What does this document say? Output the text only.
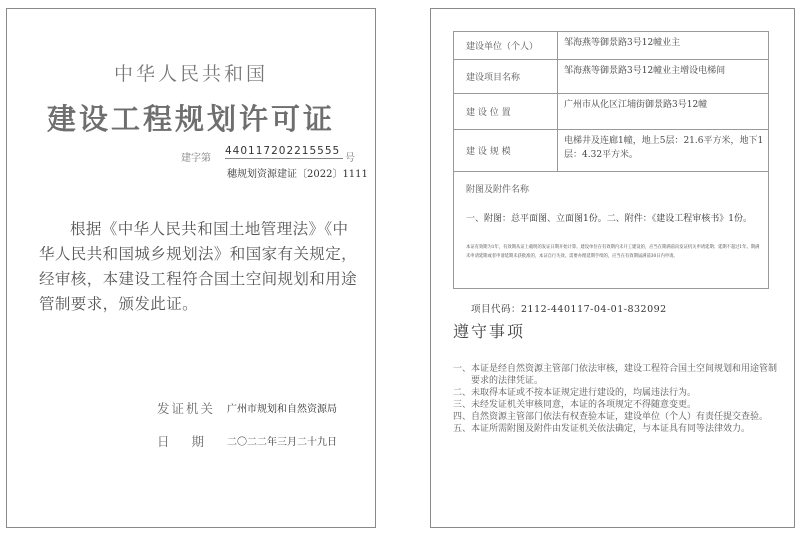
中华人民共和国
建设工程规划许可证
建字第
440117202215555
号
穗规划资源建证〔2022〕1111
根据《中华人民共和国土地管理法》《中华人民共和国城乡规划法》和国家有关规定，经审核，本建设工程符合国土空间规划和用途管制要求，颁发此证。
发证机关 广州市规划和自然资源局
日期 二〇二二年三月二十九日
建设单位（个人）	邹海燕等御景路3号12幢业主
建设项目名称
邹海燕等御景路3号12幢业主增设电梯间
建 设 位 置
广州市从化区江埔街御景路3号12幢
建 设 规 模
电梯井及连廊1幢，地上5层：21.6平方米，地下1层：4.32平方米。
附图及附件名称
一、附图：总平面图、立面图1份。二、附件：《建设工程审核书》1份。
本证有效期为1年，有效期从证上载明的发证日期开始计算。建设单位在有效期内未开工建设的，应当在期满前向发证机关申请延期；延期不超过1年。期满未申请延期或者申请延期未获批准的，本证自行失效。需要办理延期手续的，应当在有效期届满前30日内申请。
项目代码：2112-440117-04-01-832092
遵守事项
一、本证是经自然资源主管部门依法审核，建设工程符合国土空间规划和用途管制要求的法律凭证。
二、未取得本证或不按本证规定进行建设的，均属违法行为。
三、未经发证机关审核同意，本证的各项规定不得随意变更。
四、自然资源主管部门依法有权查验本证，建设单位（个人）有责任提交查验。
五、本证所需附图及附件由发证机关依法确定，与本证具有同等法律效力。
